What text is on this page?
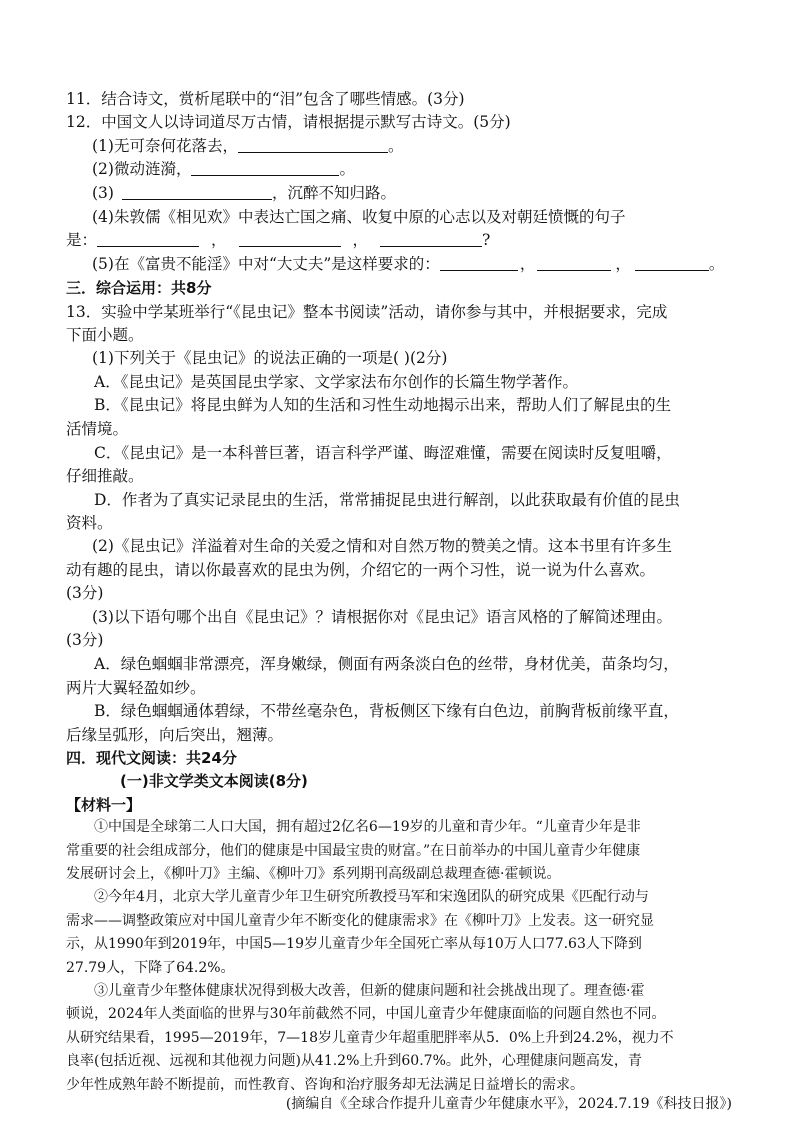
11．结合诗文，赏析尾联中的“泪”包含了哪些情感。(3分)
12．中国文人以诗词道尽万古情，请根据提示默写古诗文。(5分)
(1)无可奈何花落去，	。
(2)微动涟漪，	。
(3)	，沉醉不知归路。
(4)朱敦儒《相见欢》中表达亡国之痛、收复中原的心志以及对朝廷愤慨的句子
是：	，	，	?
(5)在《富贵不能淫》中对“大丈夫”是这样要求的：	，	，	。
三．综合运用：共8分
13．实验中学某班举行“《昆虫记》整本书阅读”活动，请你参与其中，并根据要求，完成
下面小题。
(1)下列关于《昆虫记》的说法正确的一项是( )(2分)
A．《昆虫记》是英国昆虫学家、文学家法布尔创作的长篇生物学著作。
B．《昆虫记》将昆虫鲜为人知的生活和习性生动地揭示出来，帮助人们了解昆虫的生
活情境。
C．《昆虫记》是一本科普巨著，语言科学严谨、晦涩难懂，需要在阅读时反复咀嚼，
仔细推敲。
D．作者为了真实记录昆虫的生活，常常捕捉昆虫进行解剖，以此获取最有价值的昆虫
资料。
(2)《昆虫记》洋溢着对生命的关爱之情和对自然万物的赞美之情。这本书里有许多生
动有趣的昆虫，请以你最喜欢的昆虫为例，介绍它的一两个习性，说一说为什么喜欢。
(3分)
(3)以下语句哪个出自《昆虫记》？请根据你对《昆虫记》语言风格的了解简述理由。
(3分)
A．绿色蝈蝈非常漂亮，浑身嫩绿，侧面有两条淡白色的丝带，身材优美，苗条均匀，
两片大翼轻盈如纱。
B．绿色蝈蝈通体碧绿，不带丝毫杂色，背板侧区下缘有白色边，前胸背板前缘平直，
后缘呈弧形，向后突出，翘薄。
四．现代文阅读：共24分
(一)非文学类文本阅读(8分)
【材料一】
①中国是全球第二人口大国，拥有超过2亿名6—19岁的儿童和青少年。“儿童青少年是非
常重要的社会组成部分，他们的健康是中国最宝贵的财富。”在日前举办的中国儿童青少年健康
发展研讨会上，《柳叶刀》主编、《柳叶刀》系列期刊高级副总裁理查德·霍顿说。
②今年4月，北京大学儿童青少年卫生研究所教授马军和宋逸团队的研究成果《匹配行动与
需求——调整政策应对中国儿童青少年不断变化的健康需求》在《柳叶刀》上发表。这一研究显
示，从1990年到2019年，中国5—19岁儿童青少年全国死亡率从每10万人口77.63人下降到
27.79人，下降了64.2%。
③儿童青少年整体健康状况得到极大改善，但新的健康问题和社会挑战出现了。理查德·霍
顿说，2024年人类面临的世界与30年前截然不同，中国儿童青少年健康面临的问题自然也不同。
从研究结果看，1995—2019年，7—18岁儿童青少年超重肥胖率从5．0%上升到24.2%，视力不
良率(包括近视、远视和其他视力问题)从41.2%上升到60.7%。此外，心理健康问题高发，青
少年性成熟年龄不断提前，而性教育、咨询和治疗服务却无法满足日益增长的需求。
(摘编自《全球合作提升儿童青少年健康水平》，2024.7.19《科技日报》)
